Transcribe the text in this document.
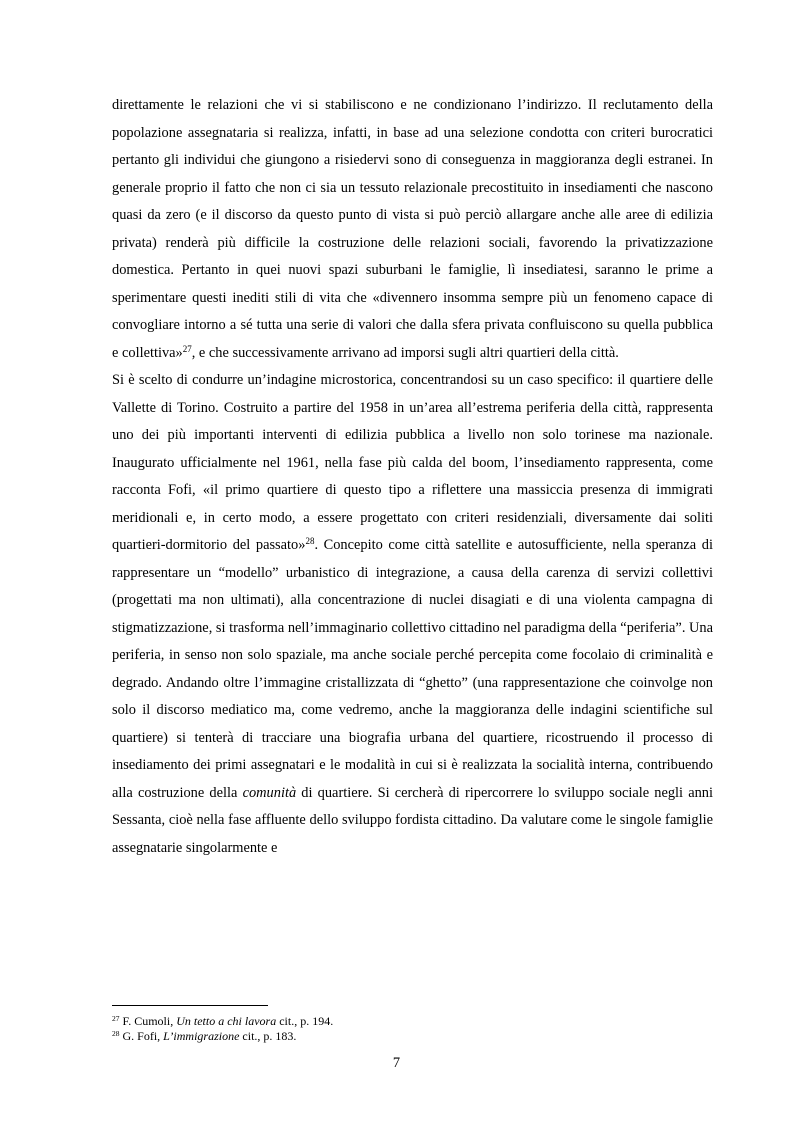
direttamente le relazioni che vi si stabiliscono e ne condizionano l’indirizzo. Il reclutamento della popolazione assegnataria si realizza, infatti, in base ad una selezione condotta con criteri burocratici pertanto gli individui che giungono a risiedervi sono di conseguenza in maggioranza degli estranei. In generale proprio il fatto che non ci sia un tessuto relazionale precostituito in insediamenti che nascono quasi da zero (e il discorso da questo punto di vista si può perciò allargare anche alle aree di edilizia privata) renderà più difficile la costruzione delle relazioni sociali, favorendo la privatizzazione domestica. Pertanto in quei nuovi spazi suburbani le famiglie, lì insediatesi, saranno le prime a sperimentare questi inediti stili di vita che «divennero insomma sempre più un fenomeno capace di convogliare intorno a sé tutta una serie di valori che dalla sfera privata confluiscono su quella pubblica e collettiva»$^{27}$, e che successivamente arrivano ad imporsi sugli altri quartieri della città.

Si è scelto di condurre un’indagine microstorica, concentrandosi su un caso specifico: il quartiere delle Vallette di Torino. Costruito a partire del 1958 in un’area all’estrema periferia della città, rappresenta uno dei più importanti interventi di edilizia pubblica a livello non solo torinese ma nazionale. Inaugurato ufficialmente nel 1961, nella fase più calda del boom, l’insediamento rappresenta, come racconta Fofi, «il primo quartiere di questo tipo a riflettere una massiccia presenza di immigrati meridionali e, in certo modo, a essere progettato con criteri residenziali, diversamente dai soliti quartieri-dormitorio del passato»$^{28}$. Concepito come città satellite e autosufficiente, nella speranza di rappresentare un “modello” urbanistico di integrazione, a causa della carenza di servizi collettivi (progettati ma non ultimati), alla concentrazione di nuclei disagiati e di una violenta campagna di stigmatizzazione, si trasforma nell’immaginario collettivo cittadino nel paradigma della “periferia”. Una periferia, in senso non solo spaziale, ma anche sociale perché percepita come focolaio di criminalità e degrado. Andando oltre l’immagine cristallizzata di “ghetto” (una rappresentazione che coinvolge non solo il discorso mediatico ma, come vedremo, anche la maggioranza delle indagini scientifiche sul quartiere) si tenterà di tracciare una biografia urbana del quartiere, ricostruendo il processo di insediamento dei primi assegnatari e le modalità in cui si è realizzata la socialità interna, contribuendo alla costruzione della comunità di quartiere. Si cercherà di ripercorrere lo sviluppo sociale negli anni Sessanta, cioè nella fase affluente dello sviluppo fordista cittadino. Da valutare come le singole famiglie assegnatarie singolarmente e

$^{27}$ F. Cumoli, Un tetto a chi lavora cit., p. 194.

$^{28}$ G. Fofi, L’immigrazione cit., p. 183.

7
